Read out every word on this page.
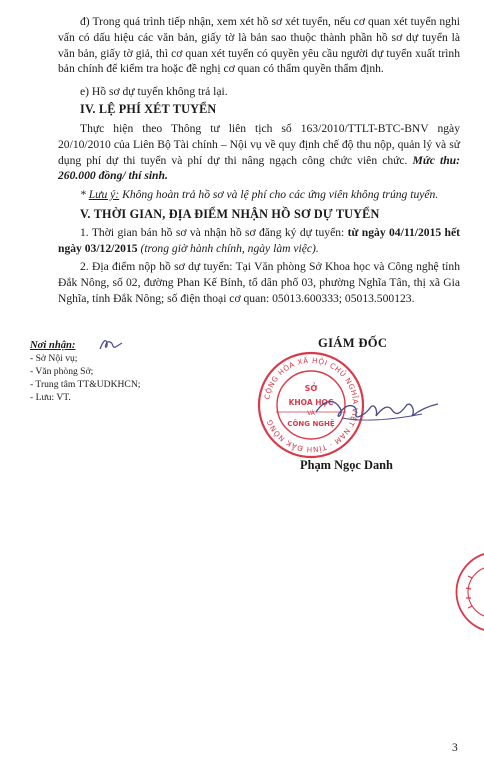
đ) Trong quá trình tiếp nhận, xem xét hồ sơ xét tuyển, nếu cơ quan xét tuyển nghi vấn có dấu hiệu các văn bản, giấy tờ là bản sao thuộc thành phần hồ sơ dự tuyển là văn bản, giấy tờ giả, thì cơ quan xét tuyển có quyền yêu cầu người dự tuyển xuất trình bản chính để kiểm tra hoặc đề nghị cơ quan có thẩm quyền thẩm định.

e) Hồ sơ dự tuyển không trả lại.

IV. LỆ PHÍ XÉT TUYỂN

Thực hiện theo Thông tư liên tịch số 163/2010/TTLT-BTC-BNV ngày 20/10/2010 của Liên Bộ Tài chính – Nội vụ về quy định chế độ thu nộp, quản lý và sử dụng phí dự thi tuyển và phí dự thi nâng ngạch công chức viên chức. Mức thu: 260.000 đồng/ thí sinh.

* Lưu ý: Không hoàn trả hồ sơ và lệ phí cho các ứng viên không trúng tuyển.

V. THỜI GIAN, ĐỊA ĐIỂM NHẬN HỒ SƠ DỰ TUYỂN

1. Thời gian bán hồ sơ và nhận hồ sơ đăng ký dự tuyển: từ ngày 04/11/2015 hết ngày 03/12/2015 (trong giờ hành chính, ngày làm việc).

2. Địa điểm nộp hồ sơ dự tuyển: Tại Văn phòng Sở Khoa học và Công nghệ tỉnh Đắk Nông, số 02, đường Phan Kế Bính, tổ dân phố 03, phường Nghĩa Tân, thị xã Gia Nghĩa, tỉnh Đắk Nông; số điện thoại cơ quan: 05013.600333; 05013.500123.

Nơi nhận:
- Sở Nội vụ;
- Văn phòng Sở;
- Trung tâm TT&UDKHCN;
- Lưu: VT.
GIÁM ĐỐC
CỘNG HÒA XÃ HỘI CHỦ NGHĨA VIỆT NAM · TỈNH ĐẮK NÔNG
SỞ
KHOA HỌC
VÀ
CÔNG NGHỆ
Phạm Ngọc Danh
3
